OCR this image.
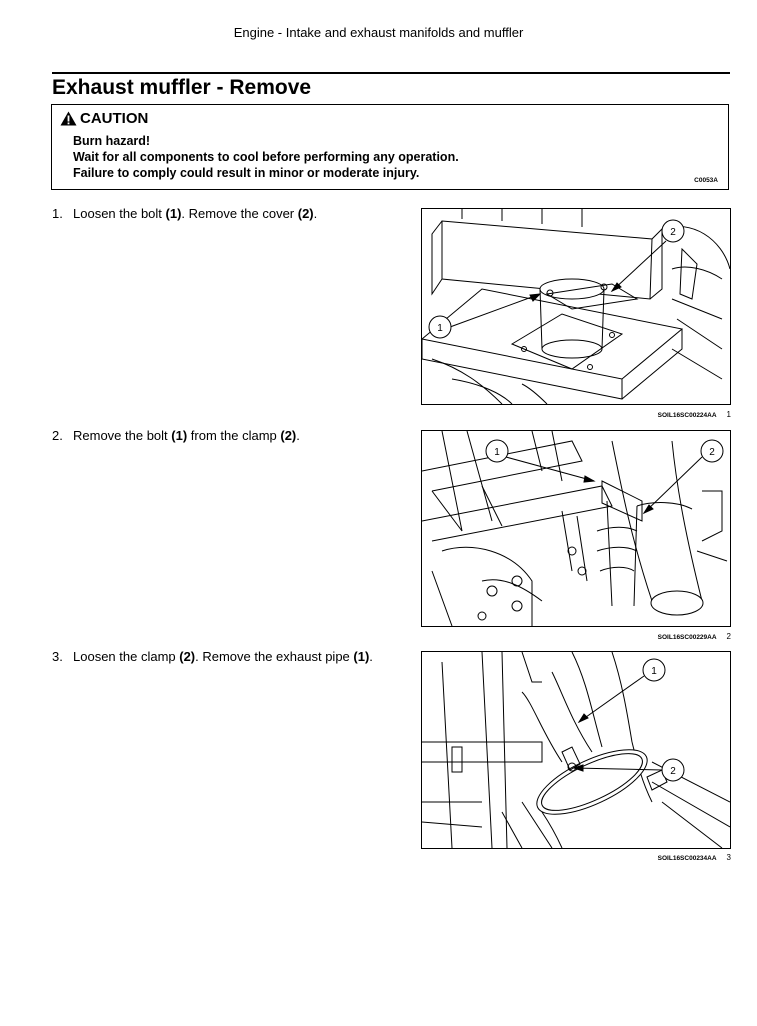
Engine - Intake and exhaust manifolds and muffler
Exhaust muffler - Remove
CAUTION
Burn hazard!
Wait for all components to cool before performing any operation.
Failure to comply could result in minor or moderate injury.
C0053A
1. Loosen the bolt (1). Remove the cover (2).
1
2
SOIL16SC00224AA 1
2. Remove the bolt (1) from the clamp (2).
1	2
SOIL16SC00229AA 2
3. Loosen the clamp (2). Remove the exhaust pipe (1).
1
2
SOIL16SC00234AA 3
